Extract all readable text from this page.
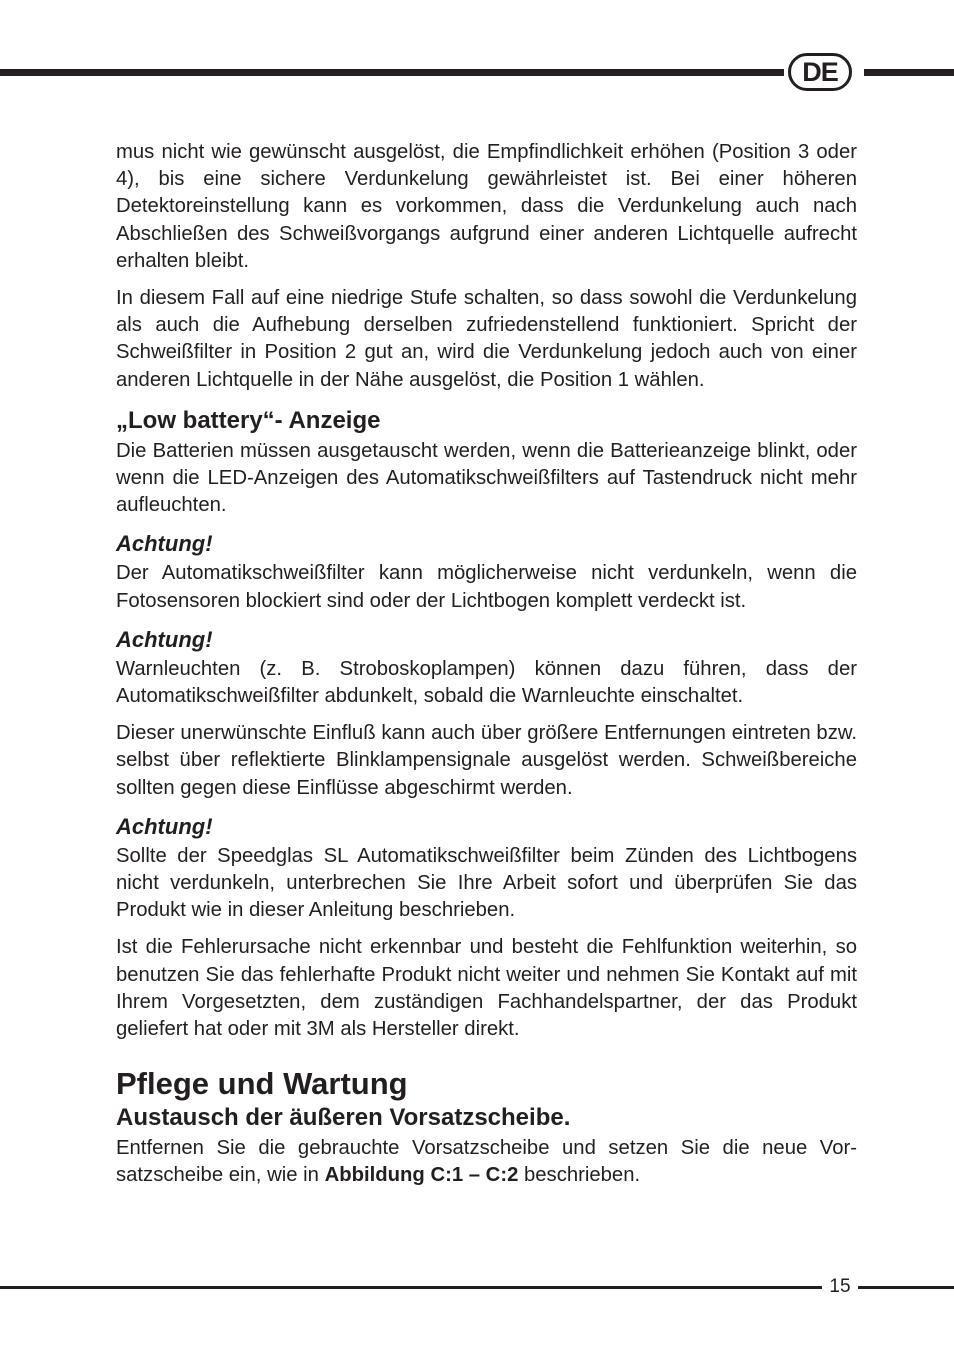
DE

mus nicht wie gewünscht ausgelöst, die Empfindlichkeit erhöhen (Position 3 oder 4), bis eine sichere Verdunkelung gewährleistet ist. Bei einer höheren Detektoreinstellung kann es vorkommen, dass die Verdunkelung auch nach Abschließen des Schweißvorgangs aufgrund einer anderen Lichtquelle aufrecht erhalten bleibt.

In diesem Fall auf eine niedrige Stufe schalten, so dass sowohl die Verdunkelung als auch die Aufhebung derselben zufriedenstellend funktioniert. Spricht der Schweißfilter in Position 2 gut an, wird die Verdunkelung jedoch auch von einer anderen Lichtquelle in der Nähe ausgelöst, die Position 1 wählen.

„Low battery“- Anzeige

Die Batterien müssen ausgetauscht werden, wenn die Batterieanzeige blinkt, oder wenn die LED-Anzeigen des Automatikschweißfilters auf Tastendruck nicht mehr aufleuchten.

Achtung!

Der Automatikschweißfilter kann möglicherweise nicht verdunkeln, wenn die Fotosensoren blockiert sind oder der Lichtbogen komplett verdeckt ist.

Achtung!

Warnleuchten (z. B. Stroboskoplampen) können dazu führen, dass der Automatikschweißfilter abdunkelt, sobald die Warnleuchte einschaltet.

Dieser unerwünschte Einfluß kann auch über größere Entfernungen eintreten bzw. selbst über reflektierte Blinklampensignale ausgelöst werden. Schweißbereiche sollten gegen diese Einflüsse abgeschirmt werden.

Achtung!

Sollte der Speedglas SL Automatikschweißfilter beim Zünden des Lichtbogens nicht verdunkeln, unterbrechen Sie Ihre Arbeit sofort und überprüfen Sie das Produkt wie in dieser Anleitung beschrieben.

Ist die Fehlerursache nicht erkennbar und besteht die Fehlfunktion weiterhin, so benutzen Sie das fehlerhafte Produkt nicht weiter und nehmen Sie Kontakt auf mit Ihrem Vorgesetzten, dem zuständigen Fachhandelspartner, der das Produkt geliefert hat oder mit 3M als Hersteller direkt.

Pflege und Wartung
Austausch der äußeren Vorsatzscheibe.

Entfernen Sie die gebrauchte Vorsatzscheibe und setzen Sie die neue Vorsatzscheibe ein, wie in Abbildung C:1 – C:2 beschrieben.

15
